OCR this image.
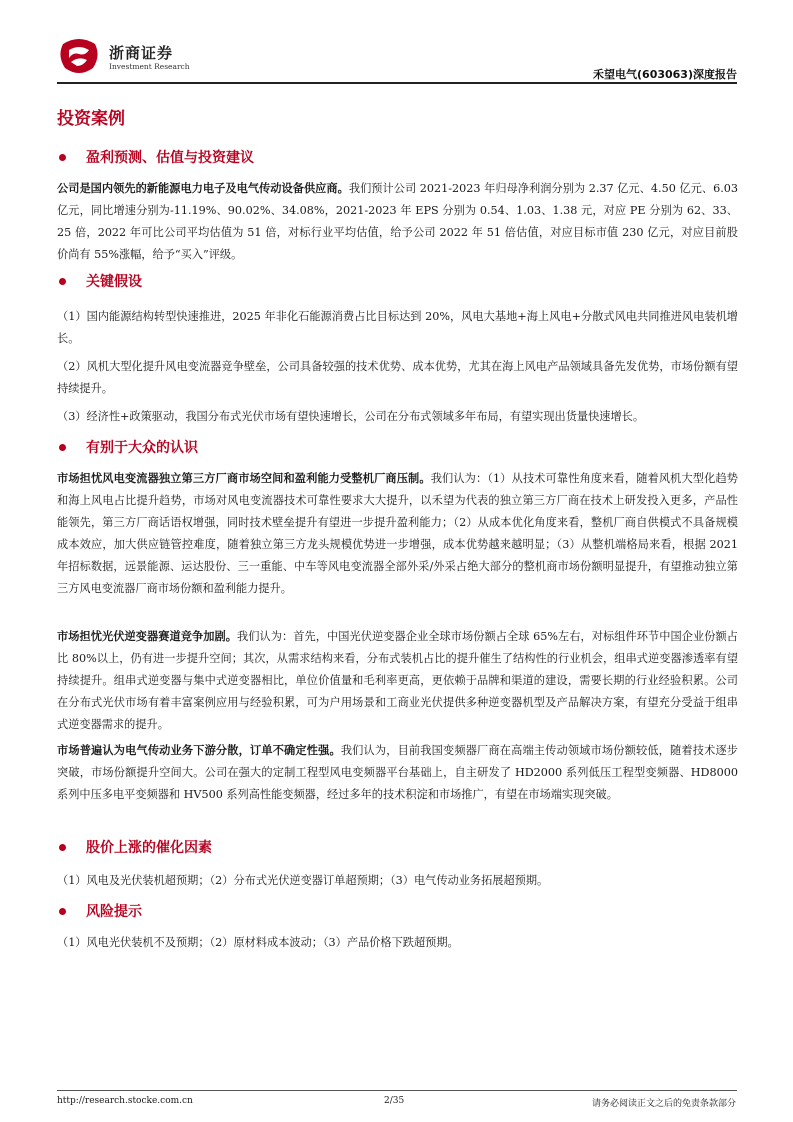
浙商证券
Investment Research
禾望电气(603063)深度报告
投资案例
盈利预测、估值与投资建议
公司是国内领先的新能源电力电子及电气传动设备供应商。我们预计公司 2021-2023 年归母净利润分别为 2.37 亿元、4.50 亿元、6.03 亿元，同比增速分别为-11.19%、90.02%、34.08%，2021-2023 年 EPS 分别为 0.54、1.03、1.38 元，对应 PE 分别为 62、33、25 倍，2022 年可比公司平均估值为 51 倍，对标行业平均估值，给予公司 2022 年 51 倍估值，对应目标市值 230 亿元，对应目前股价尚有 55%涨幅，给予“买入”评级。
关键假设
（1）国内能源结构转型快速推进，2025 年非化石能源消费占比目标达到 20%，风电大基地+海上风电+分散式风电共同推进风电装机增长。
（2）风机大型化提升风电变流器竞争壁垒，公司具备较强的技术优势、成本优势，尤其在海上风电产品领域具备先发优势，市场份额有望持续提升。
（3）经济性+政策驱动，我国分布式光伏市场有望快速增长，公司在分布式领域多年布局，有望实现出货量快速增长。
有别于大众的认识
市场担忧风电变流器独立第三方厂商市场空间和盈利能力受整机厂商压制。我们认为：（1）从技术可靠性角度来看，随着风机大型化趋势和海上风电占比提升趋势，市场对风电变流器技术可靠性要求大大提升，以禾望为代表的独立第三方厂商在技术上研发投入更多，产品性能领先，第三方厂商话语权增强，同时技术壁垒提升有望进一步提升盈利能力；（2）从成本优化角度来看，整机厂商自供模式不具备规模成本效应，加大供应链管控难度，随着独立第三方龙头规模优势进一步增强，成本优势越来越明显；（3）从整机端格局来看，根据 2021 年招标数据，远景能源、运达股份、三一重能、中车等风电变流器全部外采/外采占绝大部分的整机商市场份额明显提升，有望推动独立第三方风电变流器厂商市场份额和盈利能力提升。
市场担忧光伏逆变器赛道竞争加剧。我们认为：首先，中国光伏逆变器企业全球市场份额占全球 65%左右，对标组件环节中国企业份额占比 80%以上，仍有进一步提升空间；其次，从需求结构来看，分布式装机占比的提升催生了结构性的行业机会，组串式逆变器渗透率有望持续提升。组串式逆变器与集中式逆变器相比，单位价值量和毛利率更高，更依赖于品牌和渠道的建设，需要长期的行业经验积累。公司在分布式光伏市场有着丰富案例应用与经验积累，可为户用场景和工商业光伏提供多种逆变器机型及产品解决方案，有望充分受益于组串式逆变器需求的提升。
市场普遍认为电气传动业务下游分散，订单不确定性强。我们认为，目前我国变频器厂商在高端主传动领域市场份额较低，随着技术逐步突破，市场份额提升空间大。公司在强大的定制工程型风电变频器平台基础上，自主研发了 HD2000 系列低压工程型变频器、HD8000 系列中压多电平变频器和 HV500 系列高性能变频器，经过多年的技术积淀和市场推广，有望在市场端实现突破。
股价上涨的催化因素
（1）风电及光伏装机超预期；（2）分布式光伏逆变器订单超预期；（3）电气传动业务拓展超预期。
风险提示
（1）风电光伏装机不及预期；（2）原材料成本波动；（3）产品价格下跌超预期。
http://research.stocke.com.cn	2/35	请务必阅读正文之后的免责条款部分
